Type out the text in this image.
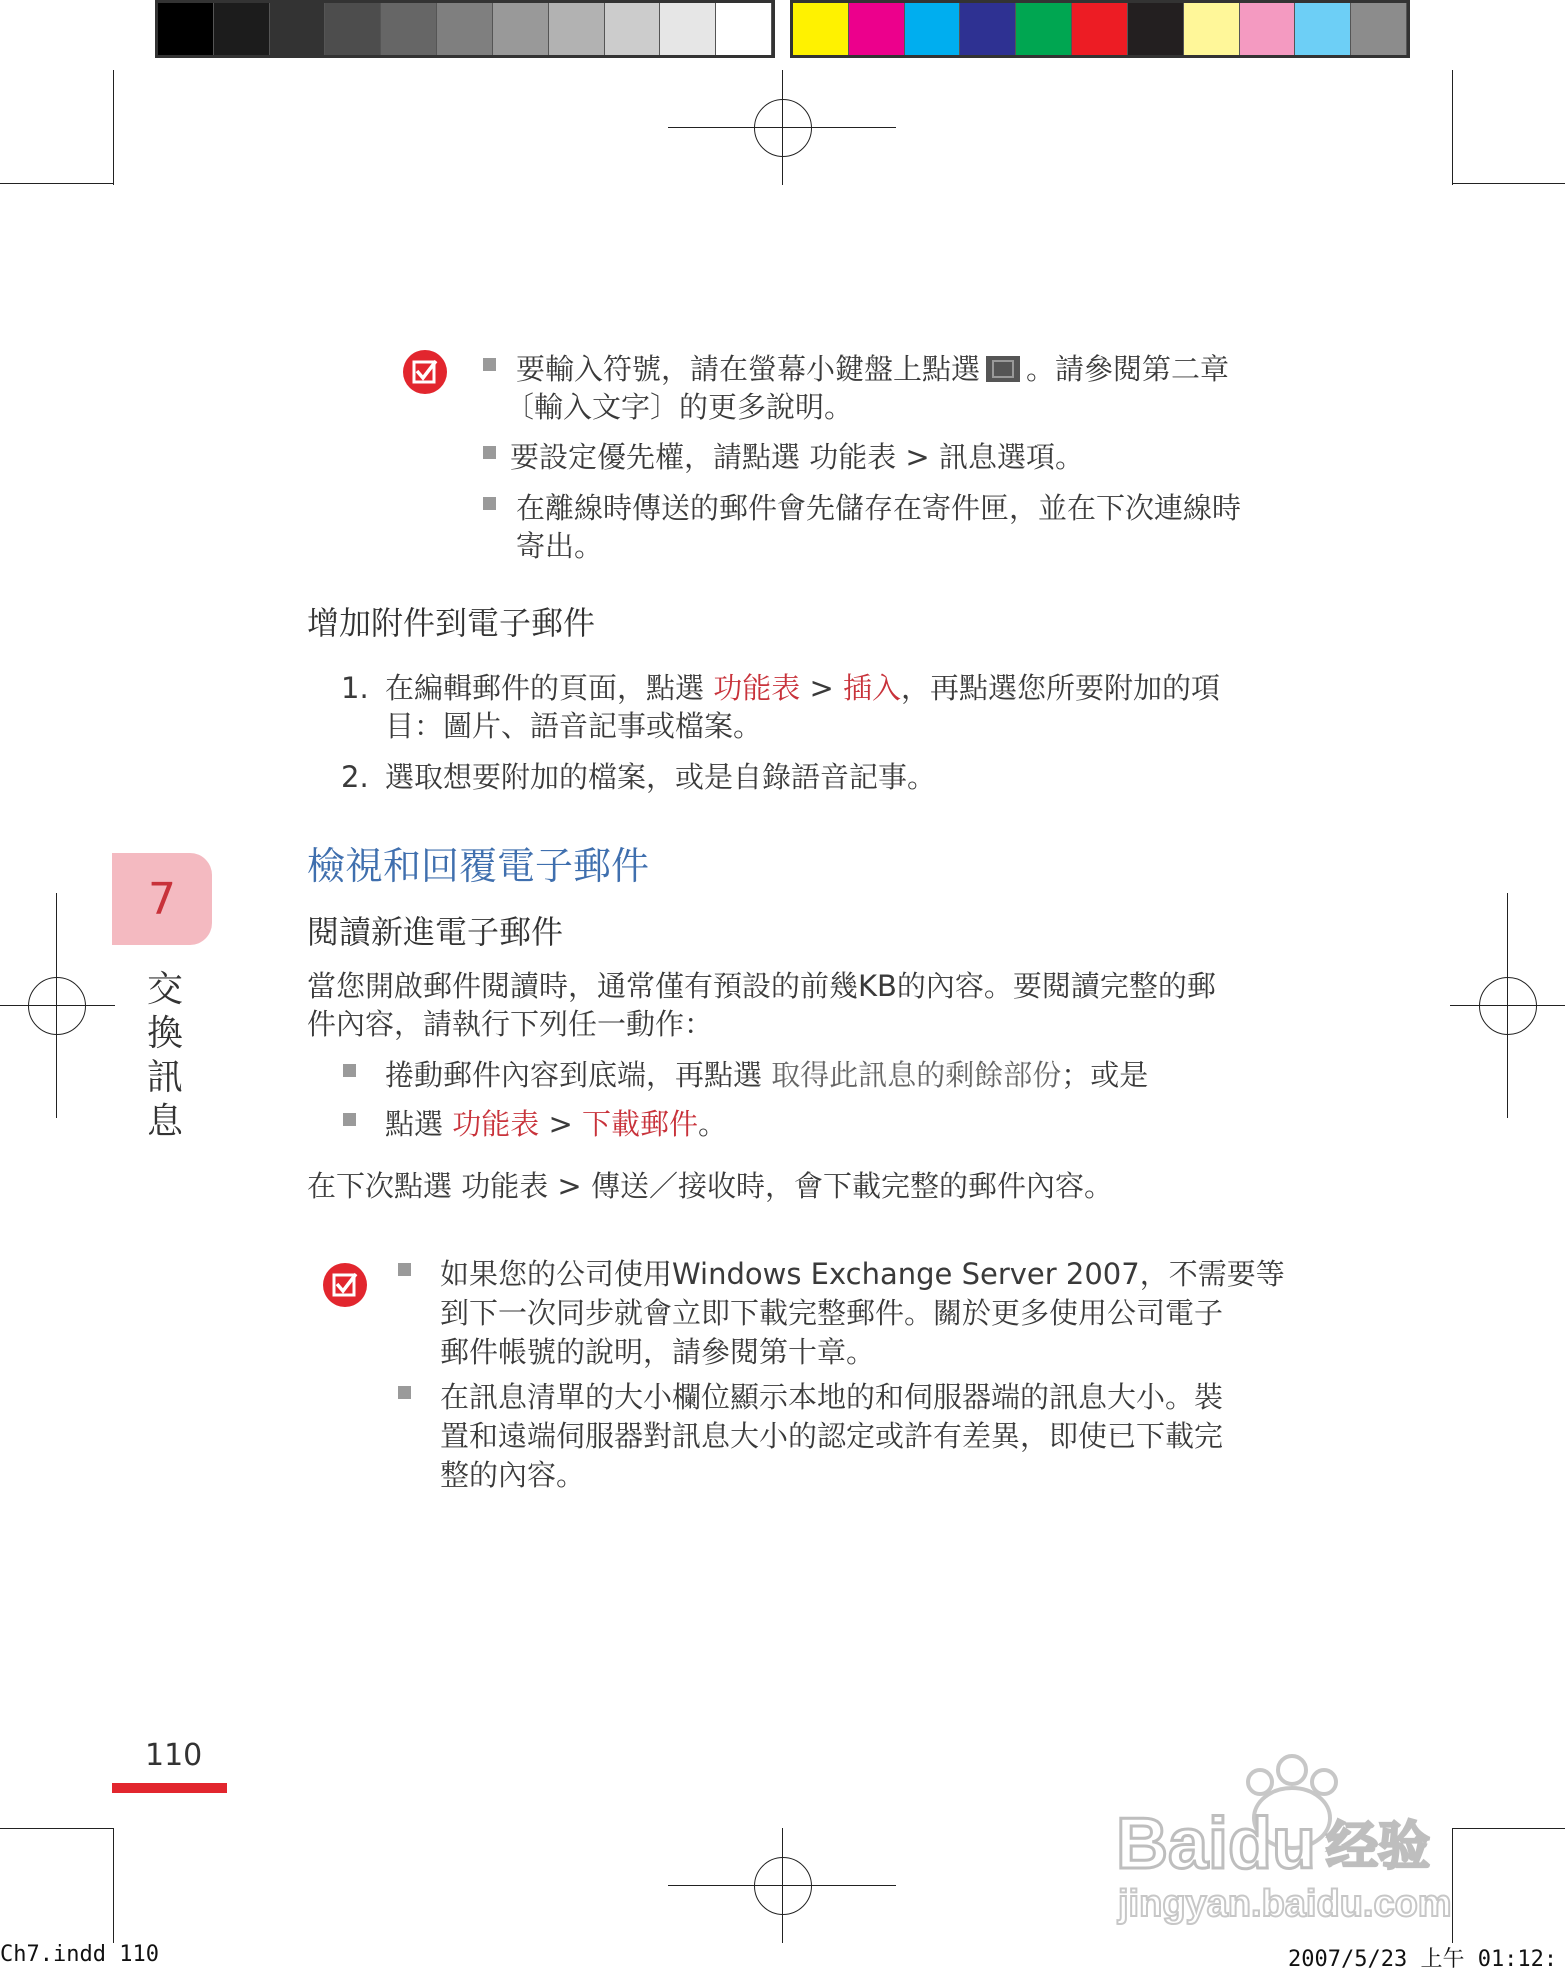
要輸入符號，請在螢幕小鍵盤上點選 。請參閱第二章
〔輸入文字〕的更多說明。
要設定優先權，請點選 功能表 > 訊息選項。
在離線時傳送的郵件會先儲存在寄件匣，並在下次連線時
寄出。
增加附件到電子郵件
1. 在編輯郵件的頁面，點選 功能表 > 插入，再點選您所要附加的項
目：圖片、語音記事或檔案。
2. 選取想要附加的檔案，或是自錄語音記事。
7
交換訊息
檢視和回覆電子郵件
閱讀新進電子郵件
當您開啟郵件閱讀時，通常僅有預設的前幾KB的內容。要閱讀完整的郵
件內容，請執行下列任一動作：
捲動郵件內容到底端，再點選 取得此訊息的剩餘部份；或是
點選 功能表 > 下載郵件。
在下次點選 功能表 > 傳送／接收時，會下載完整的郵件內容。
如果您的公司使用Windows Exchange Server 2007，不需要等
到下一次同步就會立即下載完整郵件。關於更多使用公司電子
郵件帳號的說明，請參閱第十章。
在訊息清單的大小欄位顯示本地的和伺服器端的訊息大小。裝
置和遠端伺服器對訊息大小的認定或許有差異，即使已下載完
整的內容。
110
Baidu 经验
jingyan.baidu.com
Ch7.indd 110	2007/5/23 上午 01:12:
